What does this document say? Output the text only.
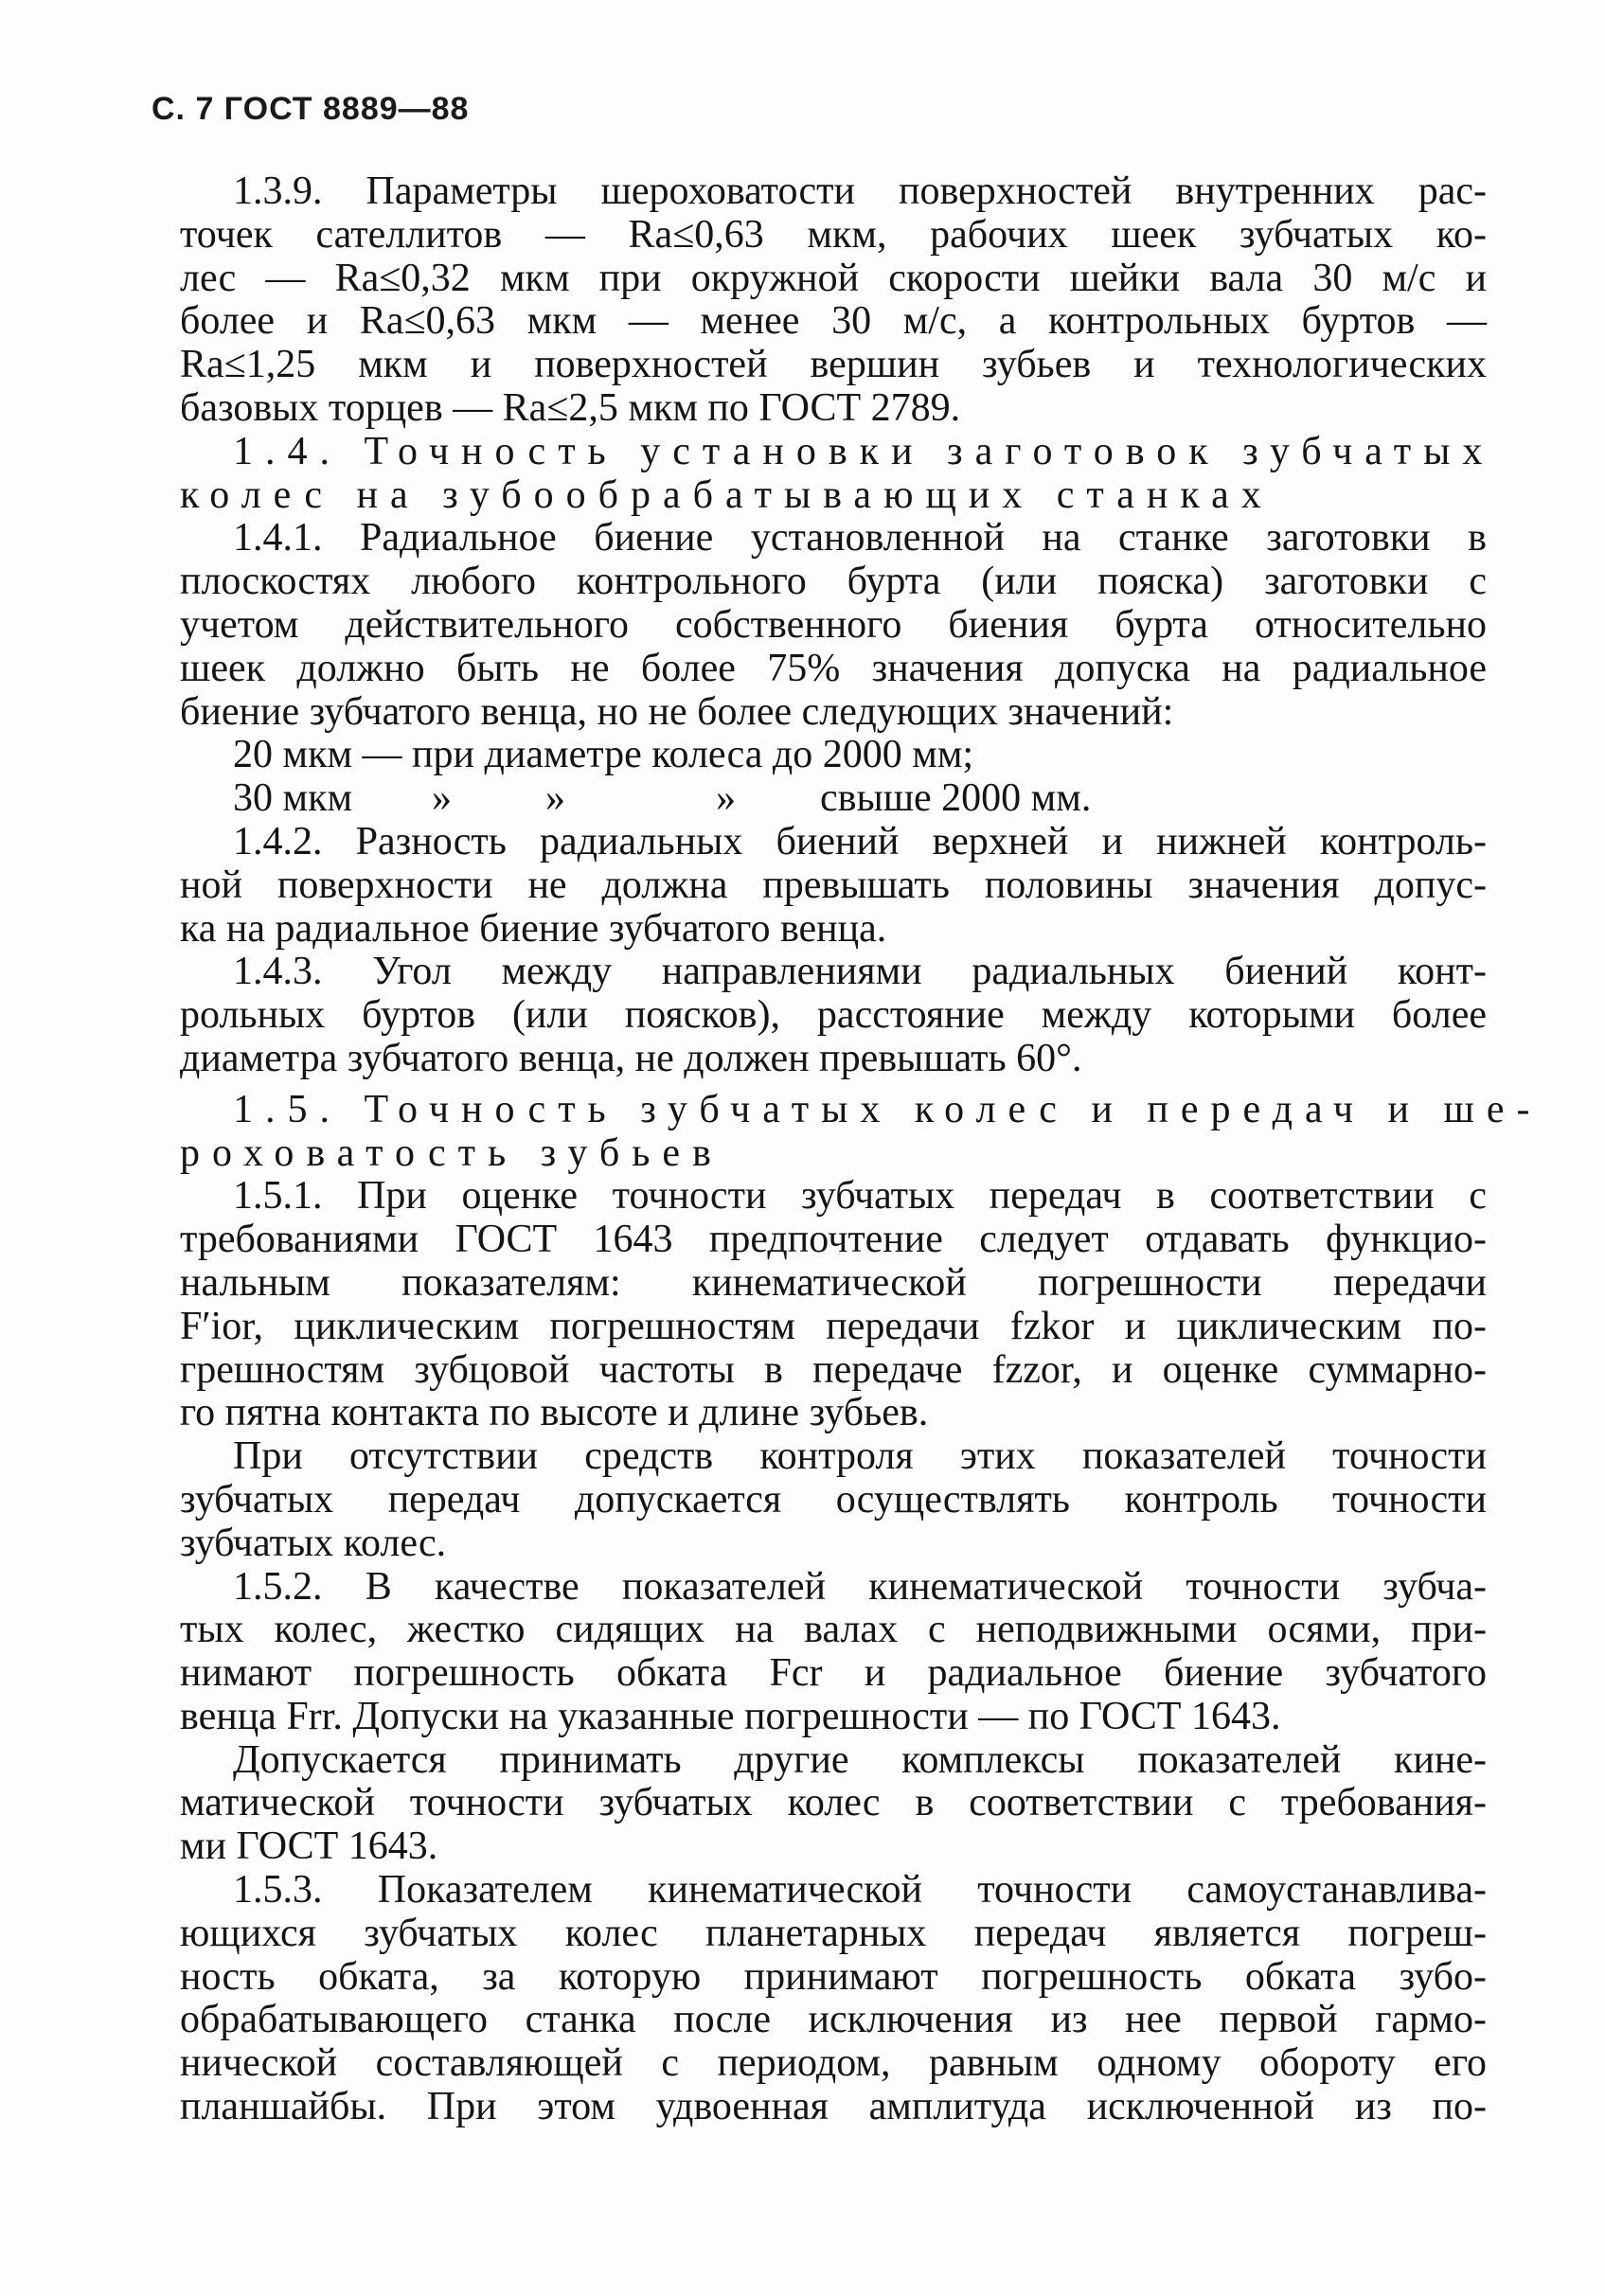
С. 7 ГОСТ 8889—88
1.3.9. Параметры шероховатости поверхностей внутренних рас-
точек сателлитов — Ra≤0,63 мкм, рабочих шеек зубчатых ко-
лес — Ra≤0,32 мкм при окружной скорости шейки вала 30 м/с и
более и Ra≤0,63 мкм — менее 30 м/с, а контрольных буртов —
Ra≤1,25 мкм и поверхностей вершин зубьев и технологических
базовых торцев — Ra≤2,5 мкм по ГОСТ 2789.
1.4. Точность установки заготовок зубчатых
колес на зубообрабатывающих станках
1.4.1. Радиальное биение установленной на станке заготовки в
плоскостях любого контрольного бурта (или пояска) заготовки с
учетом действительного собственного биения бурта относительно
шеек должно быть не более 75% значения допуска на радиальное
биение зубчатого венца, но не более следующих значений:
20 мкм — при диаметре колеса до 2000 мм;
30 мкм » »	» свыше 2000 мм.
1.4.2. Разность радиальных биений верхней и нижней контроль-
ной поверхности не должна превышать половины значения допус-
ка на радиальное биение зубчатого венца.
1.4.3. Угол между направлениями радиальных биений конт-
рольных буртов (или поясков), расстояние между которыми более
диаметра зубчатого венца, не должен превышать 60°.
1.5. Точность зубчатых колес и передач и ше-
роховатость зубьев
1.5.1. При оценке точности зубчатых передач в соответствии с
требованиями ГОСТ 1643 предпочтение следует отдавать функцио-
нальным показателям: кинематической погрешности передачи
F′ior, циклическим погрешностям передачи fzkor и циклическим по-
грешностям зубцовой частоты в передаче fzzor, и оценке суммарно-
го пятна контакта по высоте и длине зубьев.
При отсутствии средств контроля этих показателей точности
зубчатых передач допускается осуществлять контроль точности
зубчатых колес.
1.5.2. В качестве показателей кинематической точности зубча-
тых колес, жестко сидящих на валах с неподвижными осями, при-
нимают погрешность обката Fcr и радиальное биение зубчатого
венца Frr. Допуски на указанные погрешности — по ГОСТ 1643.
Допускается принимать другие комплексы показателей кине-
матической точности зубчатых колес в соответствии с требования-
ми ГОСТ 1643.
1.5.3. Показателем кинематической точности самоустанавлива-
ющихся зубчатых колес планетарных передач является погреш-
ность обката, за которую принимают погрешность обката зубо-
обрабатывающего станка после исключения из нее первой гармо-
нической составляющей с периодом, равным одному обороту его
планшайбы. При этом удвоенная амплитуда исключенной из по-
